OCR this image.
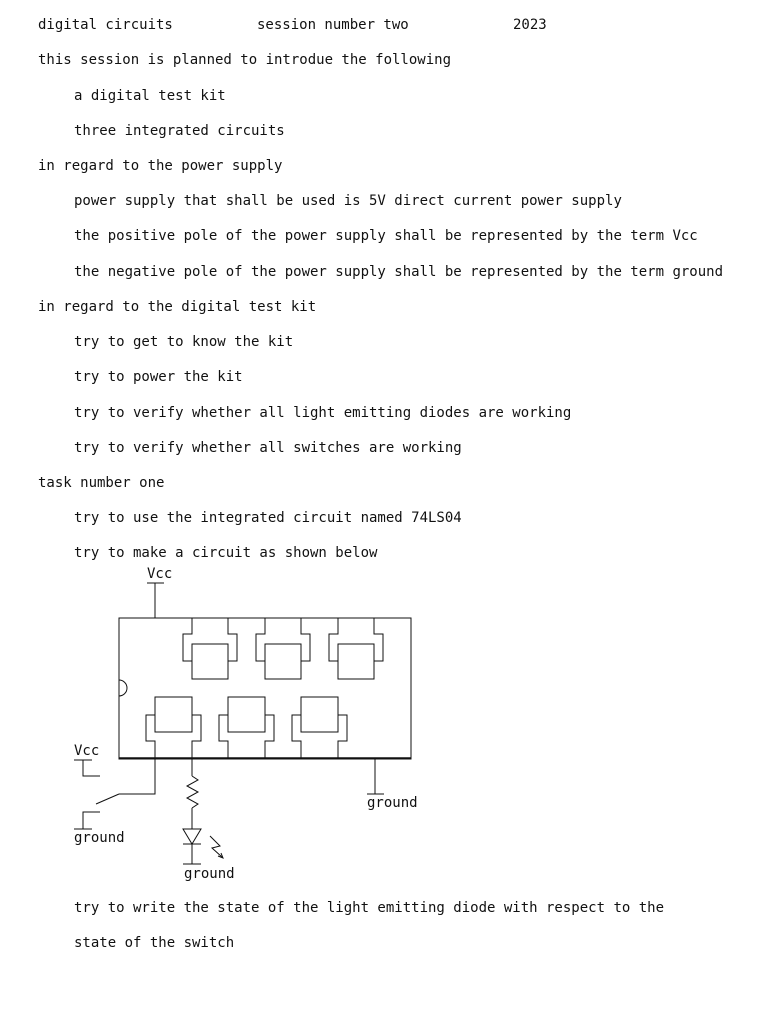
digital circuits	session number two	2023
this session is planned to introdue the following
a digital test kit
three integrated circuits
in regard to the power supply
power supply that shall be used is 5V direct current power supply
the positive pole of the power supply shall be represented by the term Vcc
the negative pole of the power supply shall be represented by the term ground
in regard to the digital test kit
try to get to know the kit
try to power the kit
try to verify whether all light emitting diodes are working
try to verify whether all switches are working
task number one
try to use the integrated circuit named 74LS04
try to make a circuit as shown below
Vcc
ground
Vcc
ground
ground
try to write the state of the light emitting diode with respect to the
state of the switch
